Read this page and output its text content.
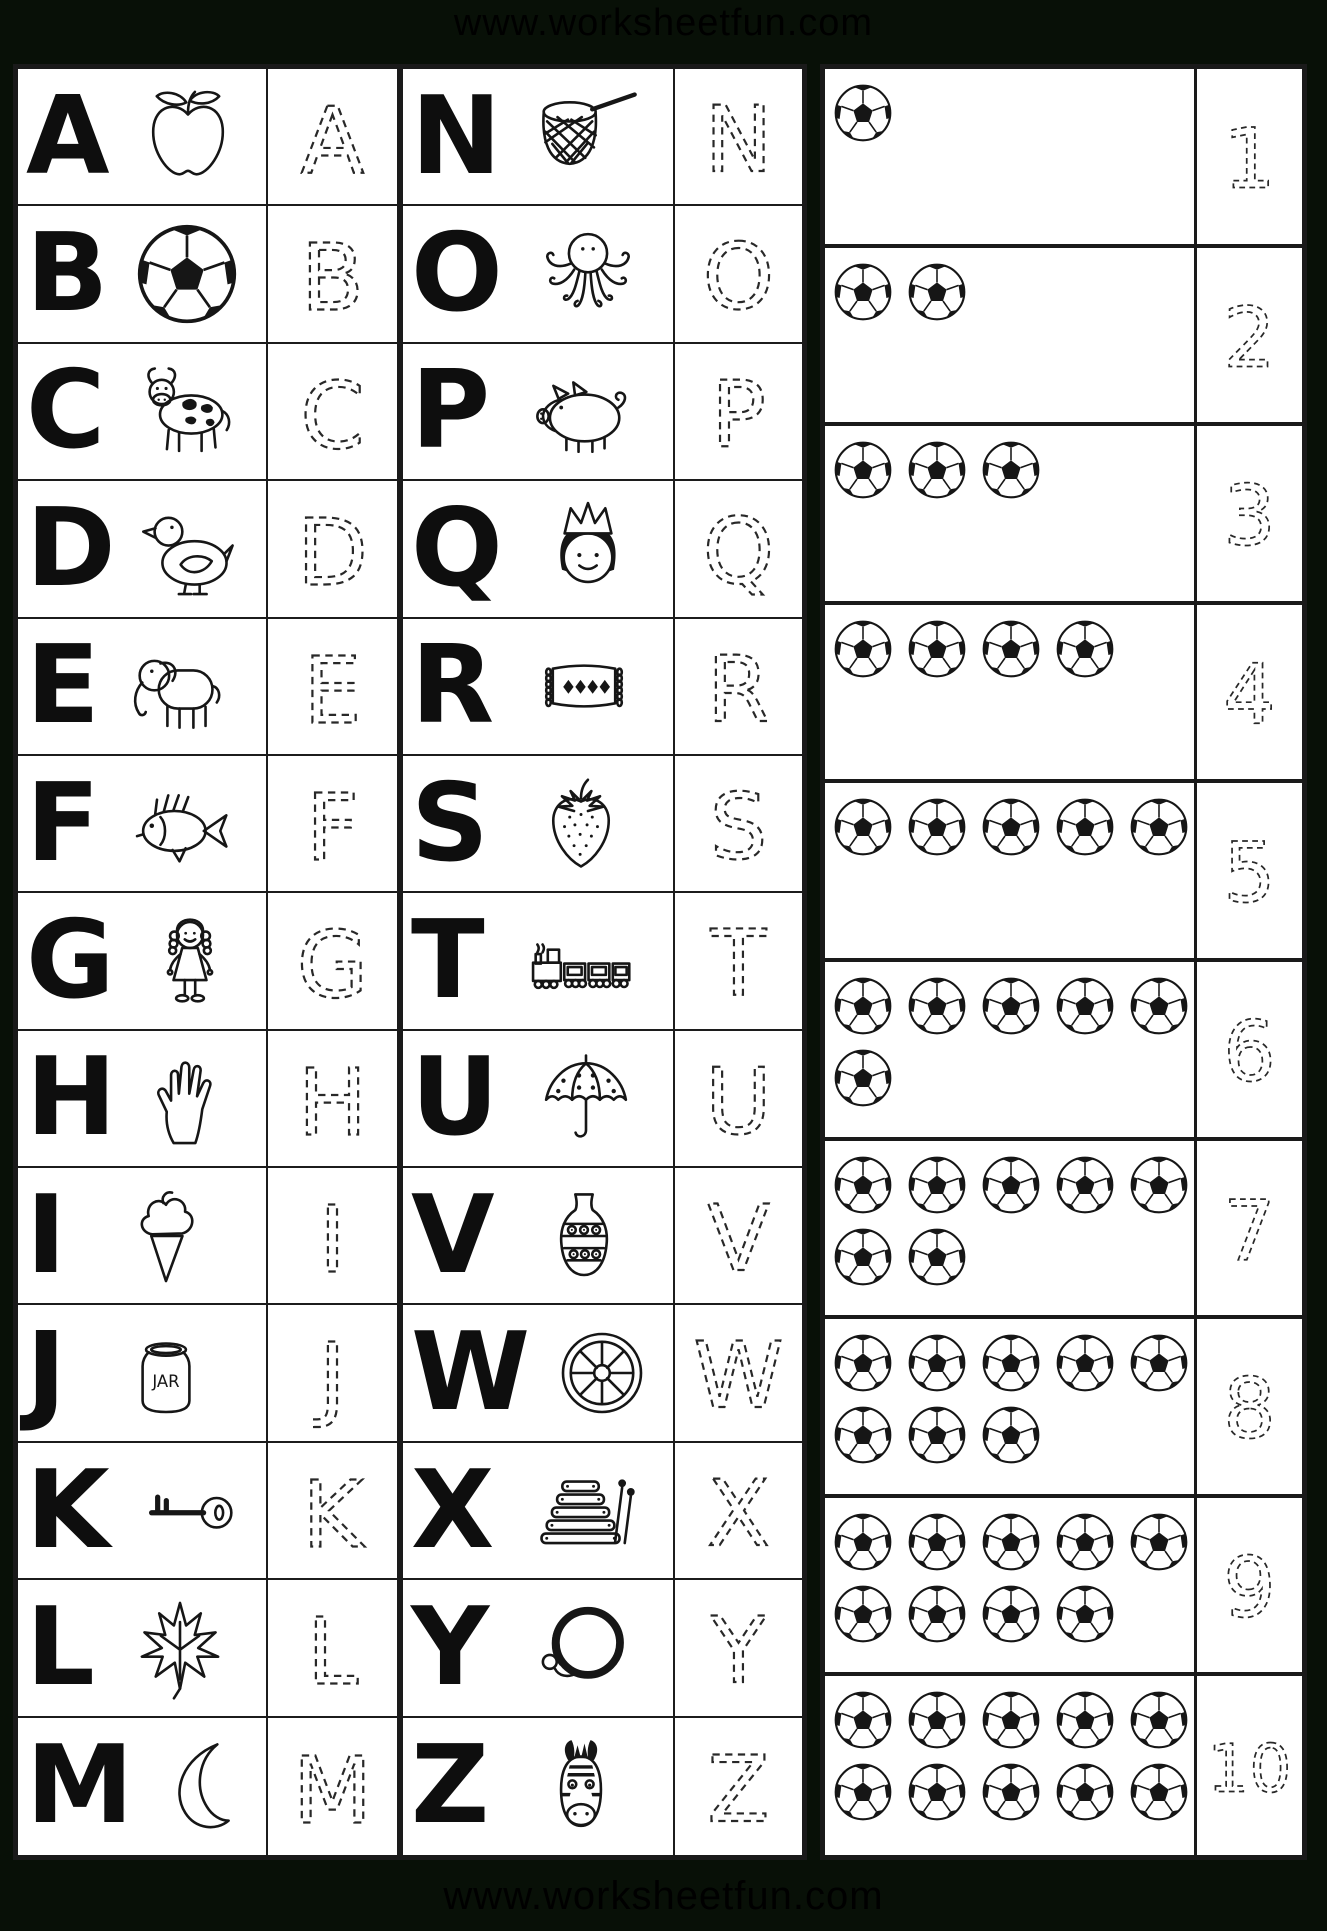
www.worksheetfun.com
A A N N
B B O O
C C P P
D D Q Q
E E R R
F F S S
G G T T
H H U U
I	I V V
J	JAR J W W
K K X X
L L Y Y
M M Z Z
1
2
3
4
5
6
7
8
9
10
www.worksheetfun.com
